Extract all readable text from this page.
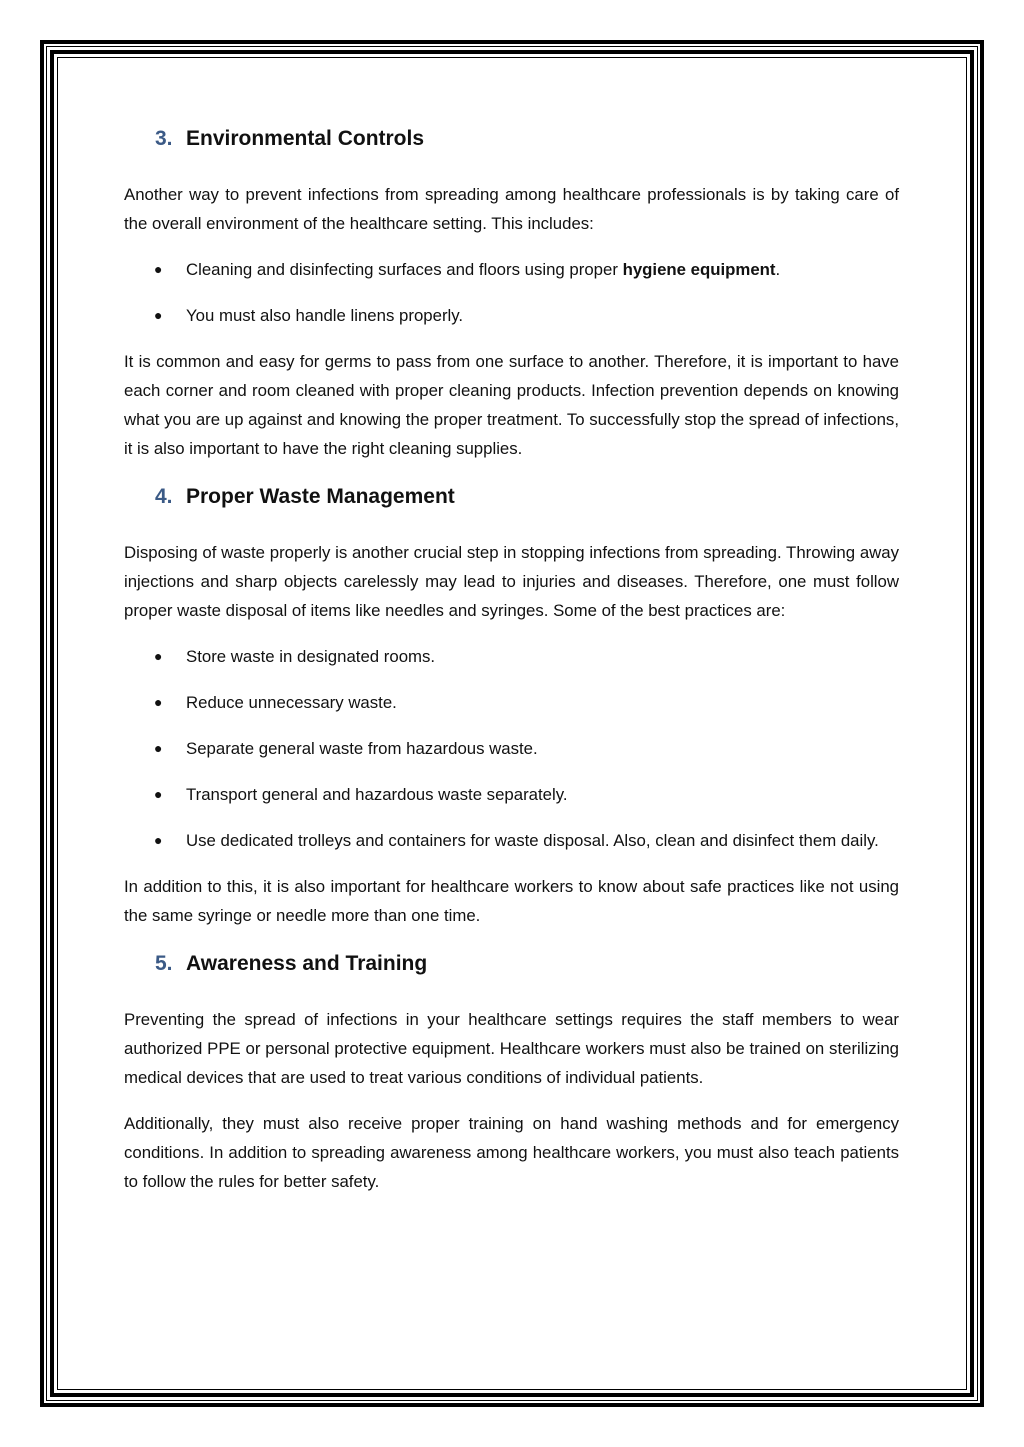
3. Environmental Controls

Another way to prevent infections from spreading among healthcare professionals is by taking care of the overall environment of the healthcare setting. This includes:

● Cleaning and disinfecting surfaces and floors using proper hygiene equipment.
● You must also handle linens properly.

It is common and easy for germs to pass from one surface to another. Therefore, it is important to have each corner and room cleaned with proper cleaning products. Infection prevention depends on knowing what you are up against and knowing the proper treatment. To successfully stop the spread of infections, it is also important to have the right cleaning supplies.

4. Proper Waste Management

Disposing of waste properly is another crucial step in stopping infections from spreading. Throwing away injections and sharp objects carelessly may lead to injuries and diseases. Therefore, one must follow proper waste disposal of items like needles and syringes. Some of the best practices are:

● Store waste in designated rooms.
● Reduce unnecessary waste.
● Separate general waste from hazardous waste.
● Transport general and hazardous waste separately.
● Use dedicated trolleys and containers for waste disposal. Also, clean and disinfect them daily.

In addition to this, it is also important for healthcare workers to know about safe practices like not using the same syringe or needle more than one time.

5. Awareness and Training

Preventing the spread of infections in your healthcare settings requires the staff members to wear authorized PPE or personal protective equipment. Healthcare workers must also be trained on sterilizing medical devices that are used to treat various conditions of individual patients.

Additionally, they must also receive proper training on hand washing methods and for emergency conditions. In addition to spreading awareness among healthcare workers, you must also teach patients to follow the rules for better safety.
